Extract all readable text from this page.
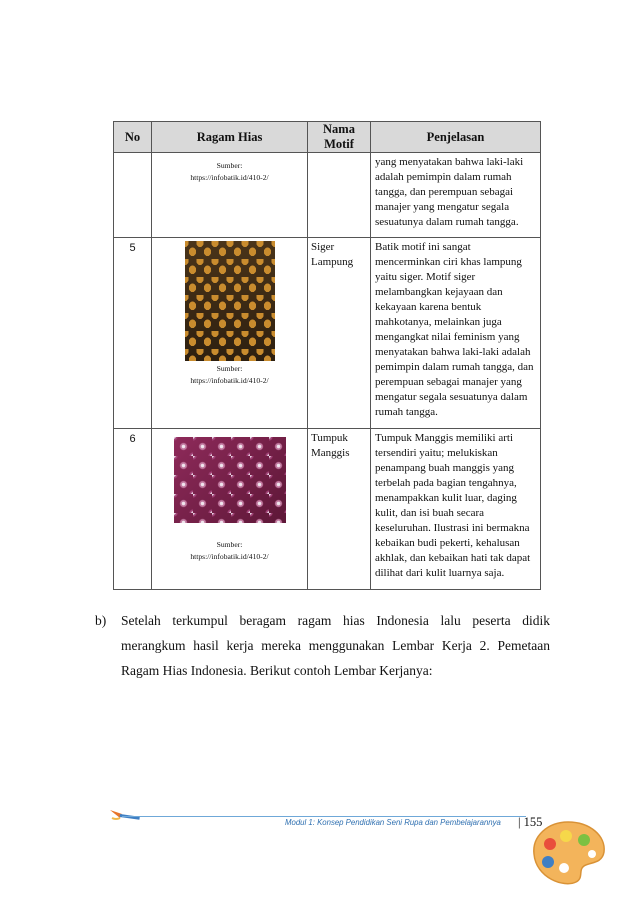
No	Ragam Hias	Nama Motif	Penjelasan

	Sumber:
https://infobatik.id/410-2/		yang menyatakan bahwa laki-laki adalah pemimpin dalam rumah tangga, dan perempuan sebagai manajer yang mengatur segala sesuatunya dalam rumah tangga.
5	Sumber:
https://infobatik.id/410-2/	Siger Lampung	Batik motif ini sangat mencerminkan ciri khas lampung yaitu siger. Motif siger melambangkan kejayaan dan kekayaan karena bentuk mahkotanya, melainkan juga mengangkat nilai feminism yang menyatakan bahwa laki-laki adalah pemimpin dalam rumah tangga, dan perempuan sebagai manajer yang mengatur segala sesuatunya dalam rumah tangga.
6	Sumber:
https://infobatik.id/410-2/	Tumpuk Manggis	Tumpuk Manggis memiliki arti tersendiri yaitu; melukiskan penampang buah manggis yang terbelah pada bagian tengahnya, menampakkan kulit luar, daging kulit, dan isi buah secara keseluruhan. Ilustrasi ini bermakna kebaikan budi pekerti, kehalusan akhlak, dan kebaikan hati tak dapat dilihat dari kulit luarnya saja.
b) Setelah terkumpul beragam ragam hias Indonesia lalu peserta didik merangkum hasil kerja mereka menggunakan Lembar Kerja 2. Pemetaan Ragam Hias Indonesia. Berikut contoh Lembar Kerjanya:
Modul 1: Konsep Pendidikan Seni Rupa dan Pembelajarannya | 155
